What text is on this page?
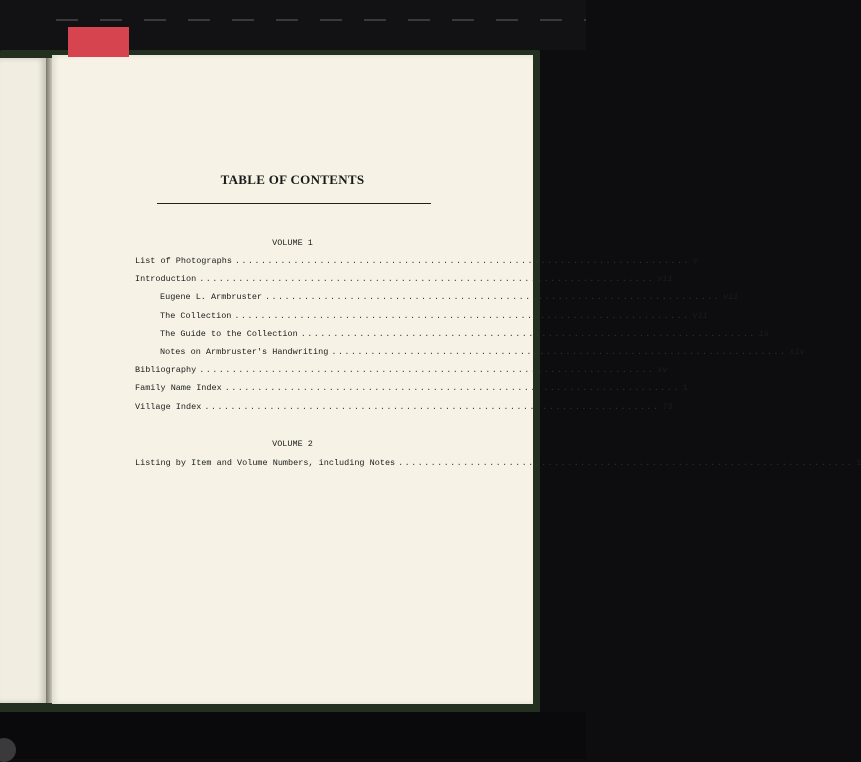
TABLE OF CONTENTS
VOLUME 1
List of Photographs ...................................................................... v
Introduction ...................................................................... vii
Eugene L. Armbruster ...................................................................... vii
The Collection ...................................................................... vii
The Guide to the Collection ...................................................................... ix
Notes on Armbruster's Handwriting ...................................................................... xiv
Bibliography ...................................................................... xv
Family Name Index ...................................................................... 1
Village Index ...................................................................... 73
VOLUME 2
Listing by Item and Volume Numbers, including Notes ...................................................................... 1
